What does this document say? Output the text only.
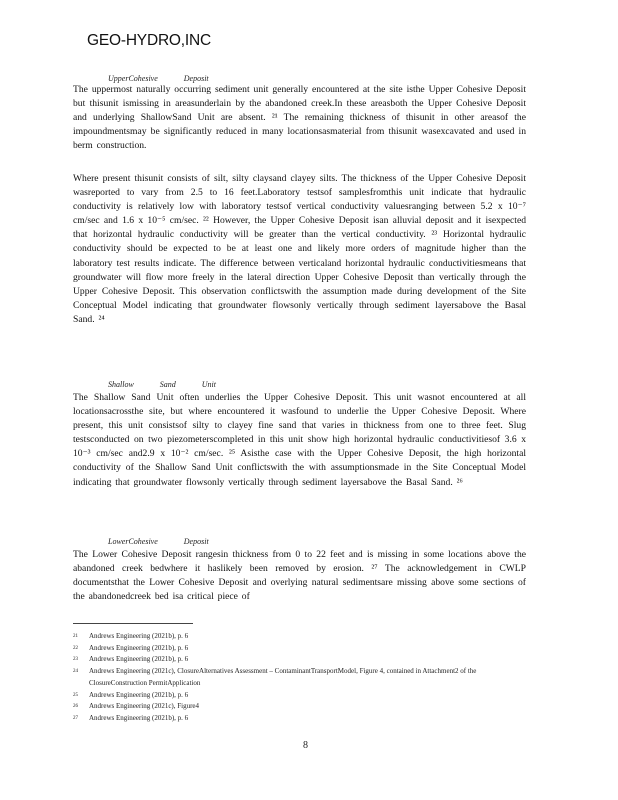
GEO-HYDRO,INC
UpperCohesive	Deposit

The uppermost naturally occurring sediment unit generally encountered at the site isthe Upper Cohesive Deposit but thisunit ismissing in areasunderlain by the abandoned creek.In these areasboth the Upper Cohesive Deposit and underlying ShallowSand Unit are absent. ²¹ The remaining thickness of thisunit in other areasof the impoundmentsmay be significantly reduced in many locationsasmaterial from thisunit wasexcavated and used in berm construction.

Where present thisunit consists of silt, silty claysand clayey silts. The thickness of the Upper Cohesive Deposit wasreported to vary from 2.5 to 16 feet.Laboratory testsof samplesfromthis unit indicate that hydraulic conductivity is relatively low with laboratory testsof vertical conductivity valuesranging between 5.2 x 10⁻⁷ cm/sec and 1.6 x 10⁻⁵ cm/sec. ²² However, the Upper Cohesive Deposit isan alluvial deposit and it isexpected that horizontal hydraulic conductivity will be greater than the vertical conductivity. ²³ Horizontal hydraulic conductivity should be expected to be at least one and likely more orders of magnitude higher than the laboratory test results indicate. The difference between verticaland horizontal hydraulic conductivitiesmeans that groundwater will flow more freely in the lateral direction Upper Cohesive Deposit than vertically through the Upper Cohesive Deposit. This observation conflictswith the assumption made during development of the Site Conceptual Model indicating that groundwater flowsonly vertically through sediment layersabove the Basal Sand. ²⁴

Shallow	Sand	Unit

The Shallow Sand Unit often underlies the Upper Cohesive Deposit. This unit wasnot encountered at all locationsacrossthe site, but where encountered it wasfound to underlie the Upper Cohesive Deposit. Where present, this unit consistsof silty to clayey fine sand that varies in thickness from one to three feet. Slug testsconducted on two piezometerscompleted in this unit show high horizontal hydraulic conductivitiesof 3.6 x 10⁻³ cm/sec and2.9 x 10⁻² cm/sec. ²⁵ Asisthe case with the Upper Cohesive Deposit, the high horizontal conductivity of the Shallow Sand Unit conflictswith the with assumptionsmade in the Site Conceptual Model indicating that groundwater flowsonly vertically through sediment layersabove the Basal Sand. ²⁶

LowerCohesive	Deposit

The Lower Cohesive Deposit rangesin thickness from 0 to 22 feet and is missing in some locations above the abandoned creek bedwhere it haslikely been removed by erosion. ²⁷ The acknowledgement in CWLP documentsthat the Lower Cohesive Deposit and overlying natural sedimentsare missing above some sections of the abandonedcreek bed isa critical piece of

21 Andrews Engineering (2021b), p. 6
22 Andrews Engineering (2021b), p. 6
23 Andrews Engineering (2021b), p. 6
24 Andrews Engineering (2021c), ClosureAlternatives Assessment – ContaminantTransportModel, Figure 4, contained in Attachment2 of the ClosureConstruction PermitApplication
25 Andrews Engineering (2021b), p. 6
26 Andrews Engineering (2021c), Figure4
27 Andrews Engineering (2021b), p. 6
8
